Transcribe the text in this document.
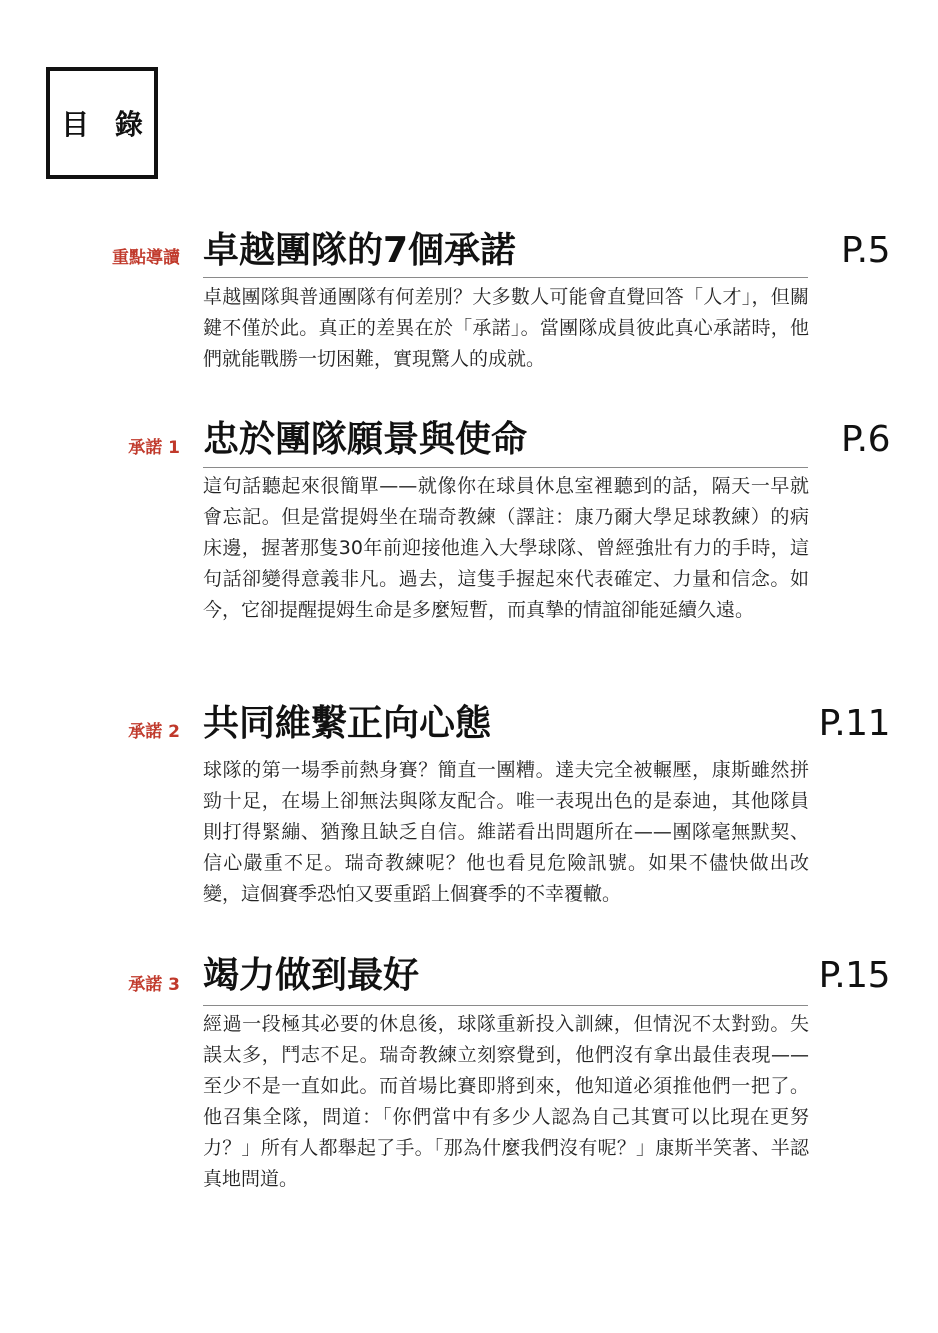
目 錄
重點導讀 卓越團隊的7個承諾	P.5
卓越團隊與普通團隊有何差別？大多數人可能會直覺回答「人才」，但關鍵不僅於此。真正的差異在於「承諾」。當團隊成員彼此真心承諾時，他們就能戰勝一切困難，實現驚人的成就。
承諾 1 忠於團隊願景與使命	P.6
這句話聽起來很簡單——就像你在球員休息室裡聽到的話，隔天一早就會忘記。但是當提姆坐在瑞奇教練（譯註：康乃爾大學足球教練）的病床邊，握著那隻30年前迎接他進入大學球隊、曾經強壯有力的手時，這句話卻變得意義非凡。過去，這隻手握起來代表確定、力量和信念。如今，它卻提醒提姆生命是多麼短暫，而真摯的情誼卻能延續久遠。
承諾 2 共同維繫正向心態	P.11
球隊的第一場季前熱身賽？簡直一團糟。達夫完全被輾壓，康斯雖然拼勁十足，在場上卻無法與隊友配合。唯一表現出色的是泰迪，其他隊員則打得緊繃、猶豫且缺乏自信。維諾看出問題所在——團隊毫無默契、信心嚴重不足。瑞奇教練呢？他也看見危險訊號。如果不儘快做出改變，這個賽季恐怕又要重蹈上個賽季的不幸覆轍。
承諾 3 竭力做到最好	P.15
經過一段極其必要的休息後，球隊重新投入訓練，但情況不太對勁。失誤太多，鬥志不足。瑞奇教練立刻察覺到，他們沒有拿出最佳表現——至少不是一直如此。而首場比賽即將到來，他知道必須推他們一把了。他召集全隊，問道：「你們當中有多少人認為自己其實可以比現在更努力？」所有人都舉起了手。「那為什麼我們沒有呢？」康斯半笑著、半認真地問道。
